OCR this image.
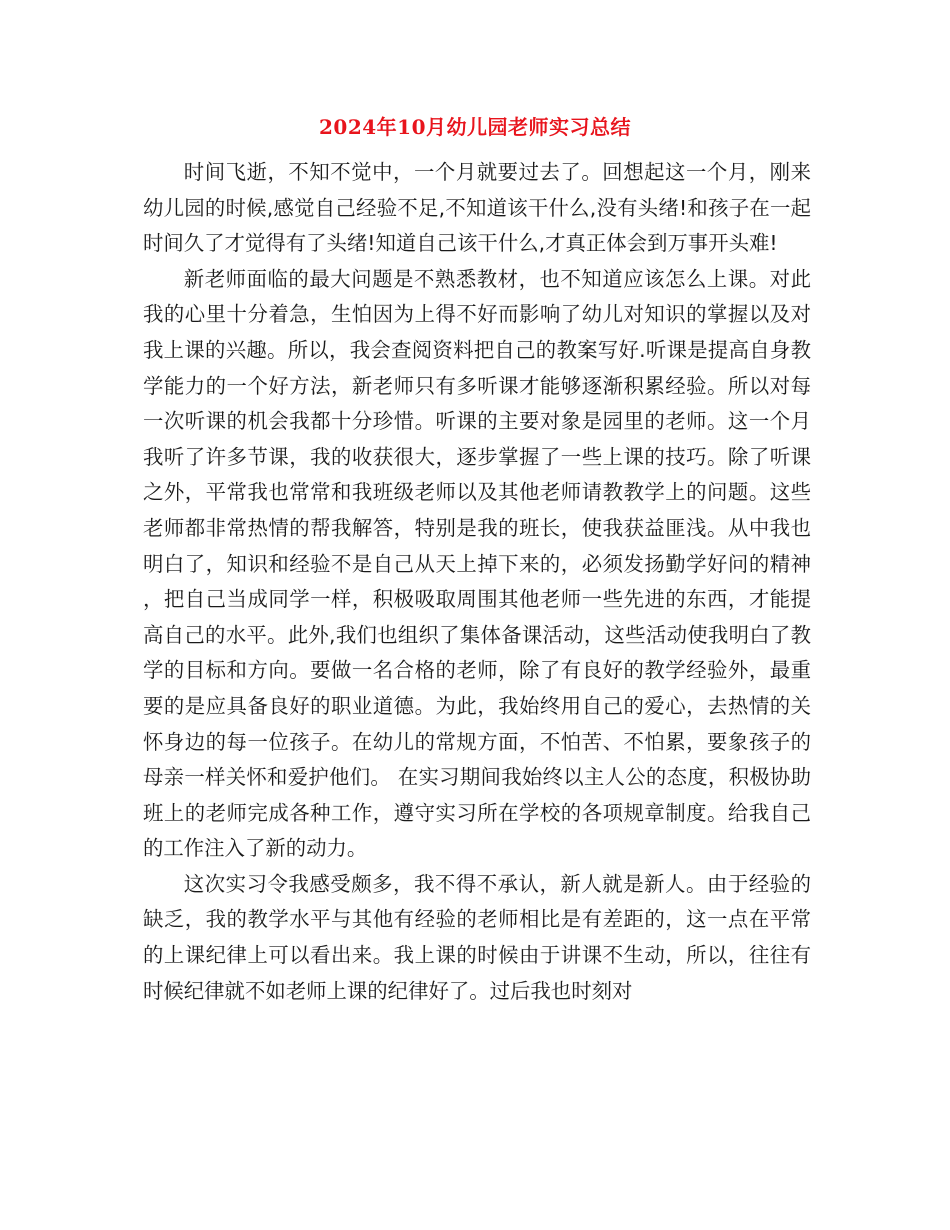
2024年10月幼儿园老师实习总结

时间飞逝，不知不觉中，一个月就要过去了。回想起这一个月，刚来幼儿园的时候,感觉自己经验不足,不知道该干什么,没有头绪!和孩子在一起时间久了才觉得有了头绪!知道自己该干什么,才真正体会到万事开头难!

新老师面临的最大问题是不熟悉教材，也不知道应该怎么上课。对此我的心里十分着急，生怕因为上得不好而影响了幼儿对知识的掌握以及对我上课的兴趣。所以，我会查阅资料把自己的教案写好.听课是提高自身教学能力的一个好方法，新老师只有多听课才能够逐渐积累经验。所以对每一次听课的机会我都十分珍惜。听课的主要对象是园里的老师。这一个月我听了许多节课，我的收获很大，逐步掌握了一些上课的技巧。除了听课之外，平常我也常常和我班级老师以及其他老师请教教学上的问题。这些老师都非常热情的帮我解答，特别是我的班长，使我获益匪浅。从中我也明白了，知识和经验不是自己从天上掉下来的，必须发扬勤学好问的精神，把自己当成同学一样，积极吸取周围其他老师一些先进的东西，才能提高自己的水平。此外,我们也组织了集体备课活动，这些活动使我明白了教学的目标和方向。要做一名合格的老师，除了有良好的教学经验外，最重要的是应具备良好的职业道德。为此，我始终用自己的爱心，去热情的关怀身边的每一位孩子。在幼儿的常规方面，不怕苦、不怕累，要象孩子的母亲一样关怀和爱护他们。 在实习期间我始终以主人公的态度，积极协助班上的老师完成各种工作，遵守实习所在学校的各项规章制度。给我自己的工作注入了新的动力。

这次实习令我感受颇多，我不得不承认，新人就是新人。由于经验的缺乏，我的教学水平与其他有经验的老师相比是有差距的，这一点在平常的上课纪律上可以看出来。我上课的时候由于讲课不生动，所以，往往有时候纪律就不如老师上课的纪律好了。过后我也时刻对
